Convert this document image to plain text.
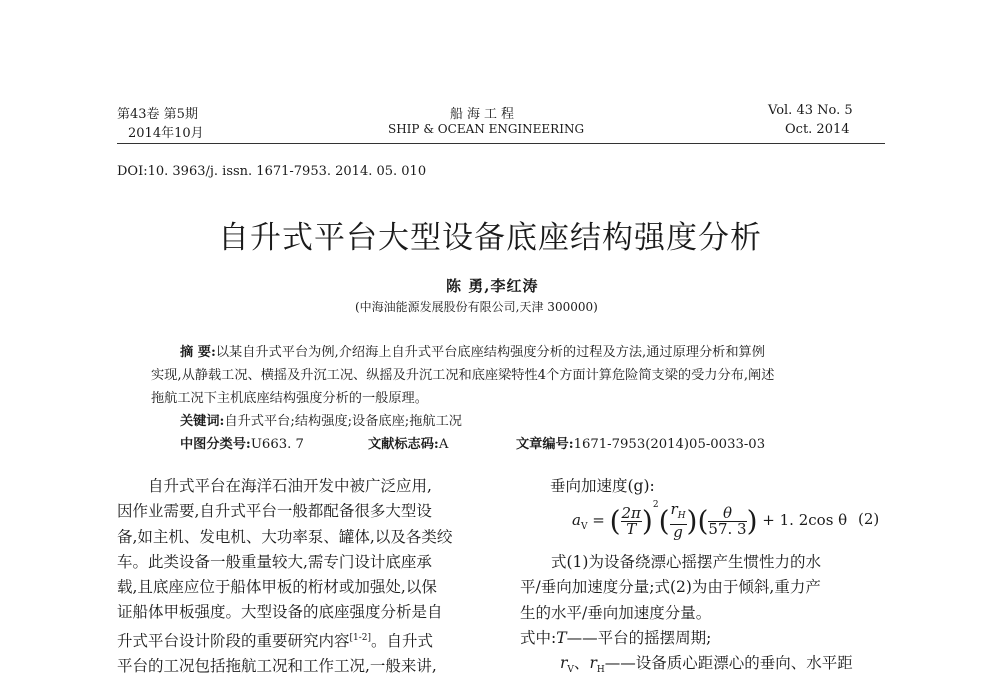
第43卷 第5期
2014年10月
船海工程
SHIP & OCEAN ENGINEERING
Vol. 43 No. 5
Oct. 2014
DOI:10. 3963/j. issn. 1671-7953. 2014. 05. 010
自升式平台大型设备底座结构强度分析
陈 勇,李红涛
(中海油能源发展股份有限公司,天津 300000)
摘 要:以某自升式平台为例,介绍海上自升式平台底座结构强度分析的过程及方法,通过原理分析和算例
实现,从静载工况、横摇及升沉工况、纵摇及升沉工况和底座梁特性4个方面计算危险简支梁的受力分布,阐述
拖航工况下主机底座结构强度分析的一般原理。
关键词:自升式平台;结构强度;设备底座;拖航工况
中图分类号:U663. 7	文献标志码:A	文章编号:1671-7953(2014)05-0033-03

自升式平台在海洋石油开发中被广泛应用,

因作业需要,自升式平台一般都配备很多大型设

备,如主机、发电机、大功率泵、罐体,以及各类绞

车。此类设备一般重量较大,需专门设计底座承

载,且底座应位于船体甲板的桁材或加强处,以保

证船体甲板强度。大型设备的底座强度分析是自

升式平台设计阶段的重要研究内容[1-2]。自升式

平台的工况包括拖航工况和工作工况,一般来讲,

垂向加速度(g):
$a_V$ = ( $\frac{2\pi}{T} )^2( \frac{r_H}{g}$ )( $\frac{\theta}{57. 3}$ ) + 1. 2cos θ (2)

式(1)为设备绕漂心摇摆产生惯性力的水

平/垂向加速度分量;式(2)为由于倾斜,重力产

生的水平/垂向加速度分量。

式中:T——平台的摇摆周期;

$r_V$、$r_H——$设备质心距漂心的垂向、水平距
